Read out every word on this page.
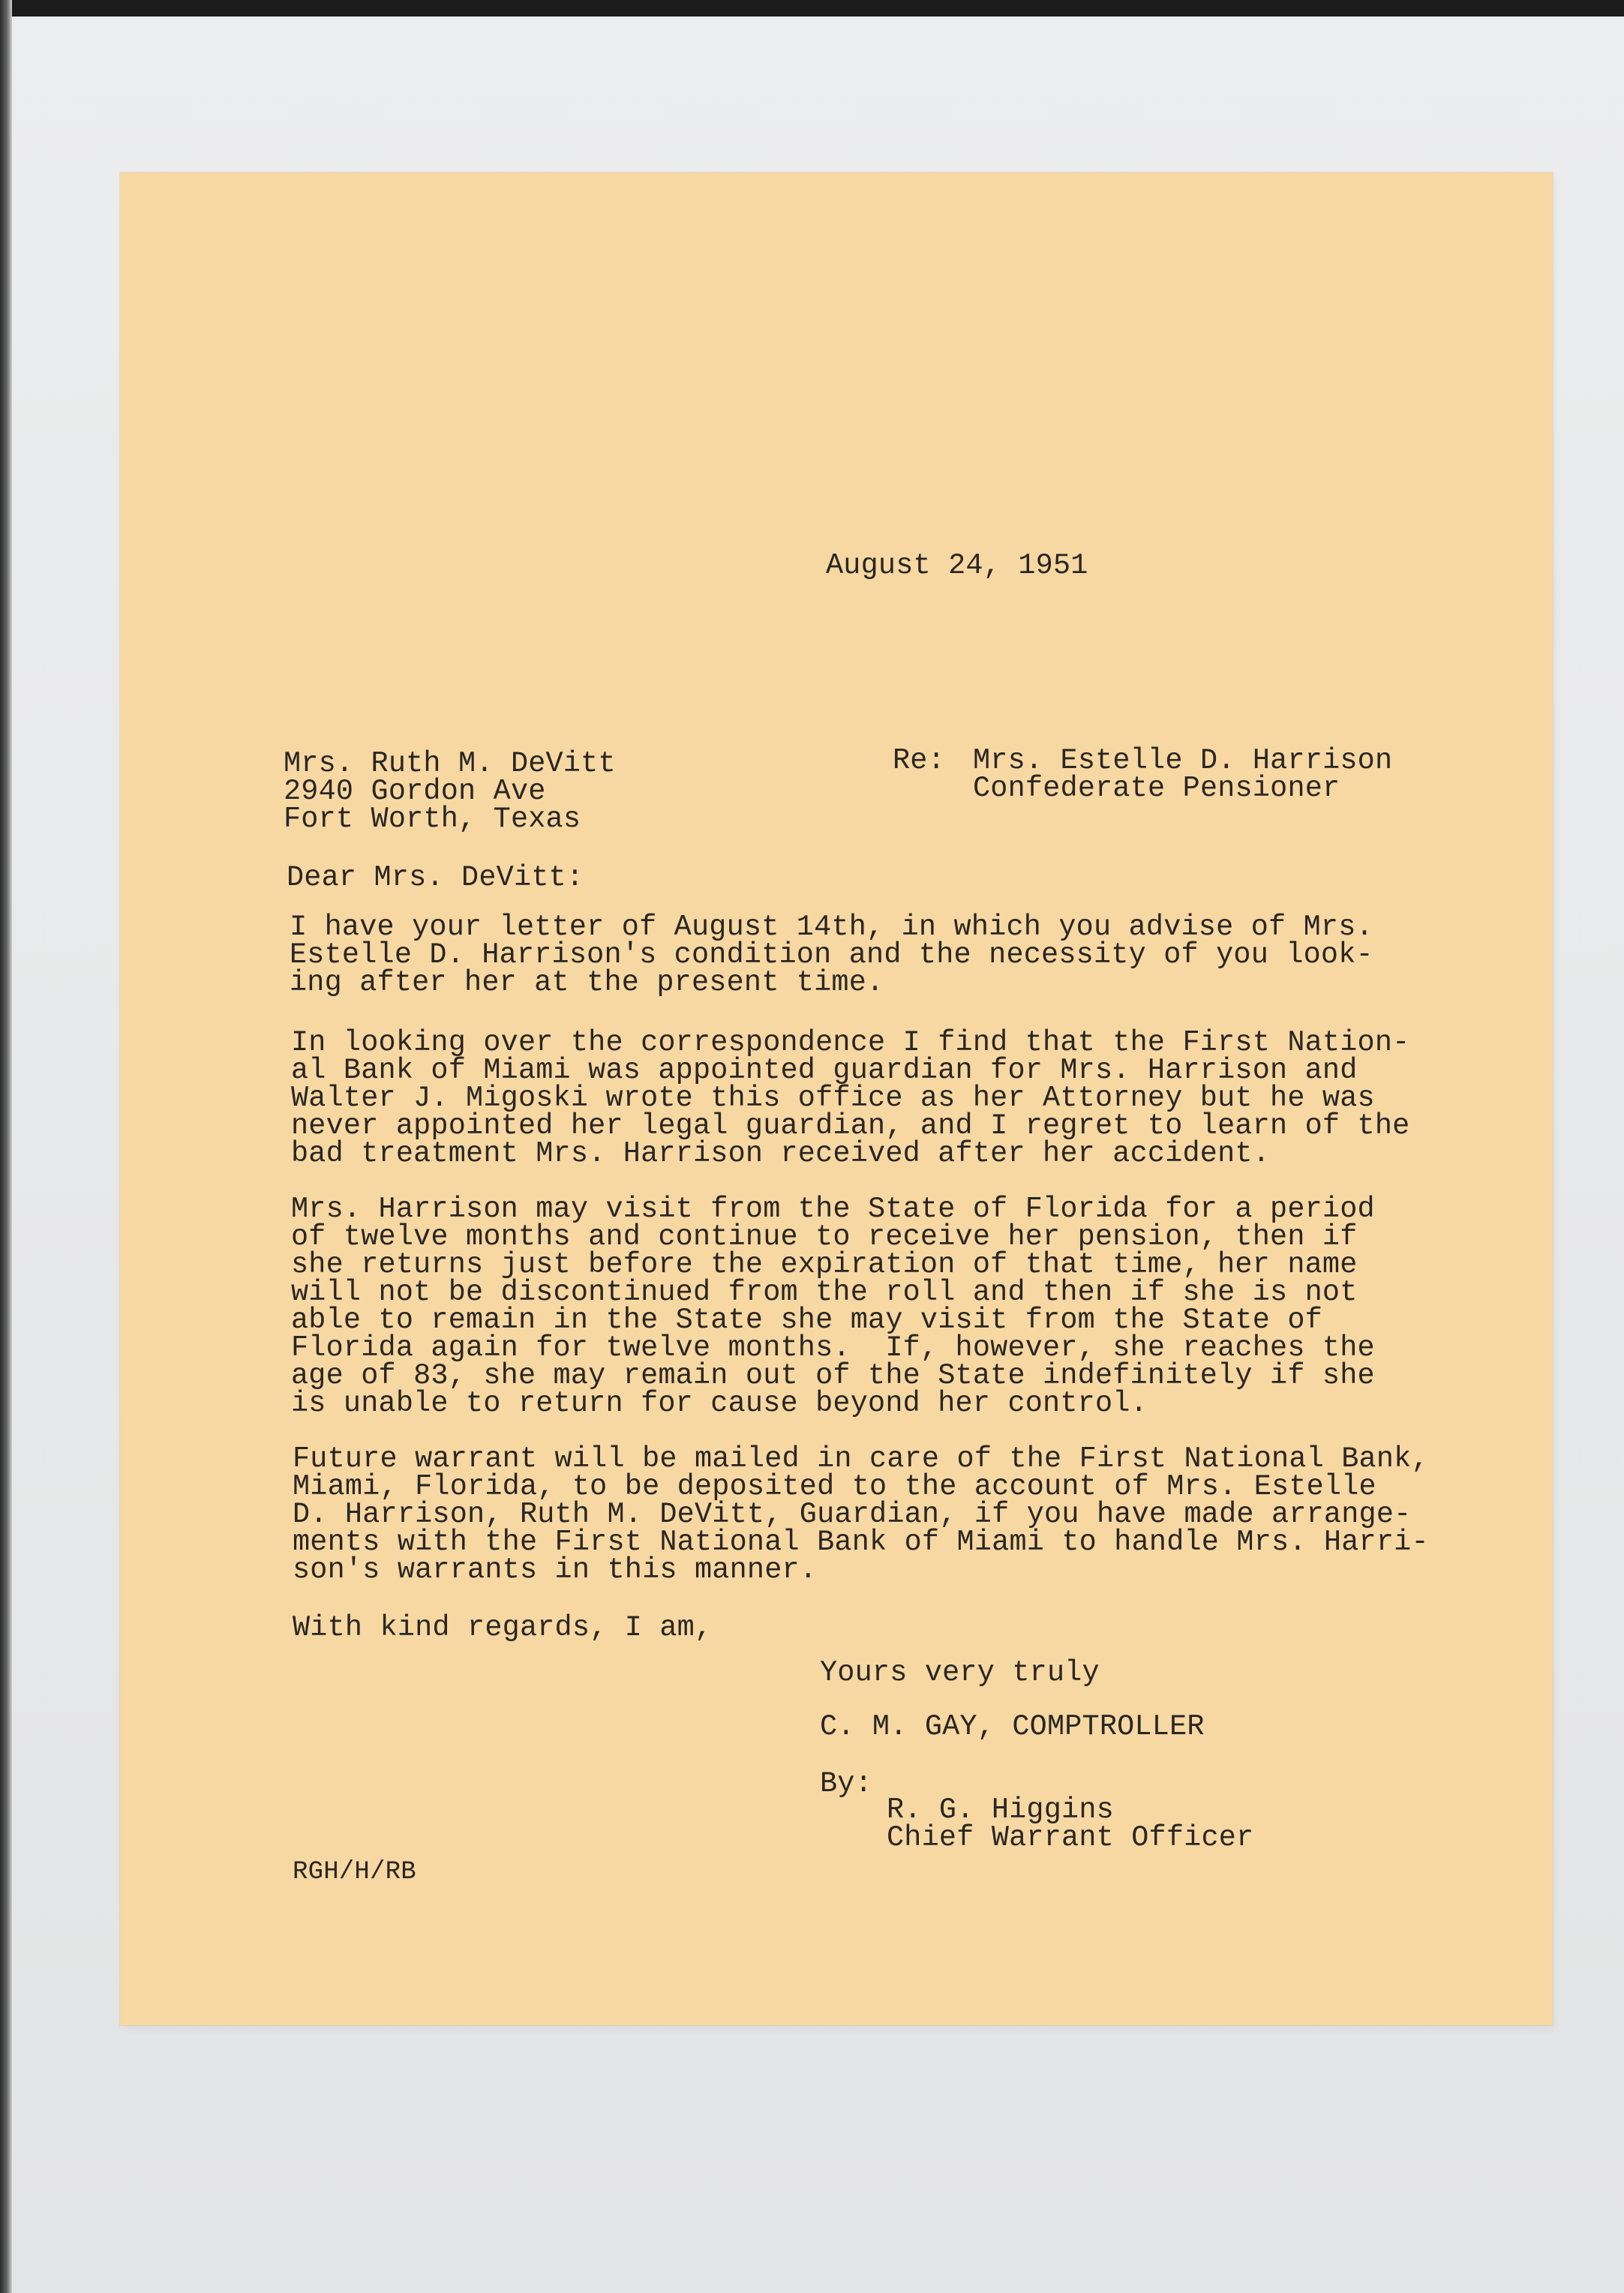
August 24, 1951
Mrs. Ruth M. DeVitt
2940 Gordon Ave
Fort Worth, Texas
Re: Mrs. Estelle D. Harrison
Confederate Pensioner
Dear Mrs. DeVitt:
I have your letter of August 14th, in which you advise of Mrs.
Estelle D. Harrison's condition and the necessity of you look-
ing after her at the present time.
In looking over the correspondence I find that the First Nation-
al Bank of Miami was appointed guardian for Mrs. Harrison and
Walter J. Migoski wrote this office as her Attorney but he was
never appointed her legal guardian, and I regret to learn of the
bad treatment Mrs. Harrison received after her accident.
Mrs. Harrison may visit from the State of Florida for a period
of twelve months and continue to receive her pension, then if
she returns just before the expiration of that time, her name
will not be discontinued from the roll and then if she is not
able to remain in the State she may visit from the State of
Florida again for twelve months.  If, however, she reaches the
age of 83, she may remain out of the State indefinitely if she
is unable to return for cause beyond her control.
Future warrant will be mailed in care of the First National Bank,
Miami, Florida, to be deposited to the account of Mrs. Estelle
D. Harrison, Ruth M. DeVitt, Guardian, if you have made arrange-
ments with the First National Bank of Miami to handle Mrs. Harri-
son's warrants in this manner.
With kind regards, I am,
Yours very truly
C. M. GAY, COMPTROLLER
By:
R. G. Higgins
Chief Warrant Officer
RGH/H/RB
